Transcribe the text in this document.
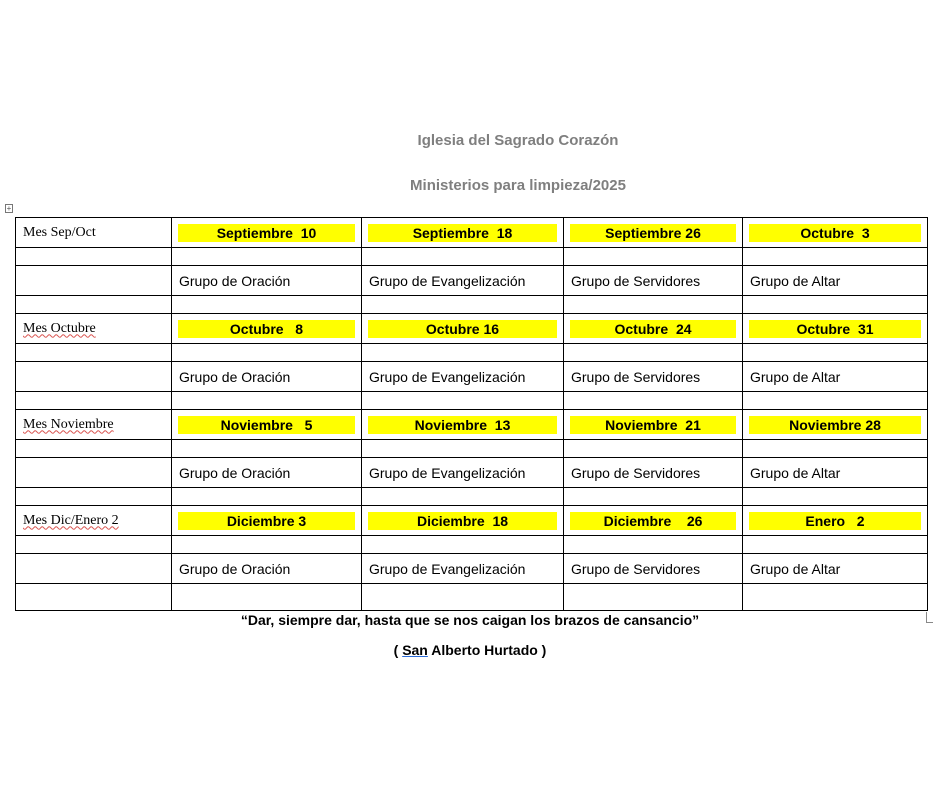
Iglesia del Sagrado Corazón
Ministerios para limpieza/2025
+
Mes Sep/Oct	Septiembre  10	Septiembre  18	Septiembre 26	Octubre  3

	Grupo de Oración	Grupo de Evangelización	Grupo de Servidores	Grupo de Altar

Mes Octubre	Octubre   8	Octubre 16	Octubre  24	Octubre  31

	Grupo de Oración	Grupo de Evangelización	Grupo de Servidores	Grupo de Altar

Mes Noviembre	Noviembre   5	Noviembre  13	Noviembre  21	Noviembre 28

	Grupo de Oración	Grupo de Evangelización	Grupo de Servidores	Grupo de Altar

Mes Dic/Enero 2	Diciembre 3	Diciembre  18	Diciembre    26	Enero   2

	Grupo de Oración	Grupo de Evangelización	Grupo de Servidores	Grupo de Altar

“Dar, siempre dar, hasta que se nos caigan los brazos de cansancio”
( San Alberto Hurtado )
